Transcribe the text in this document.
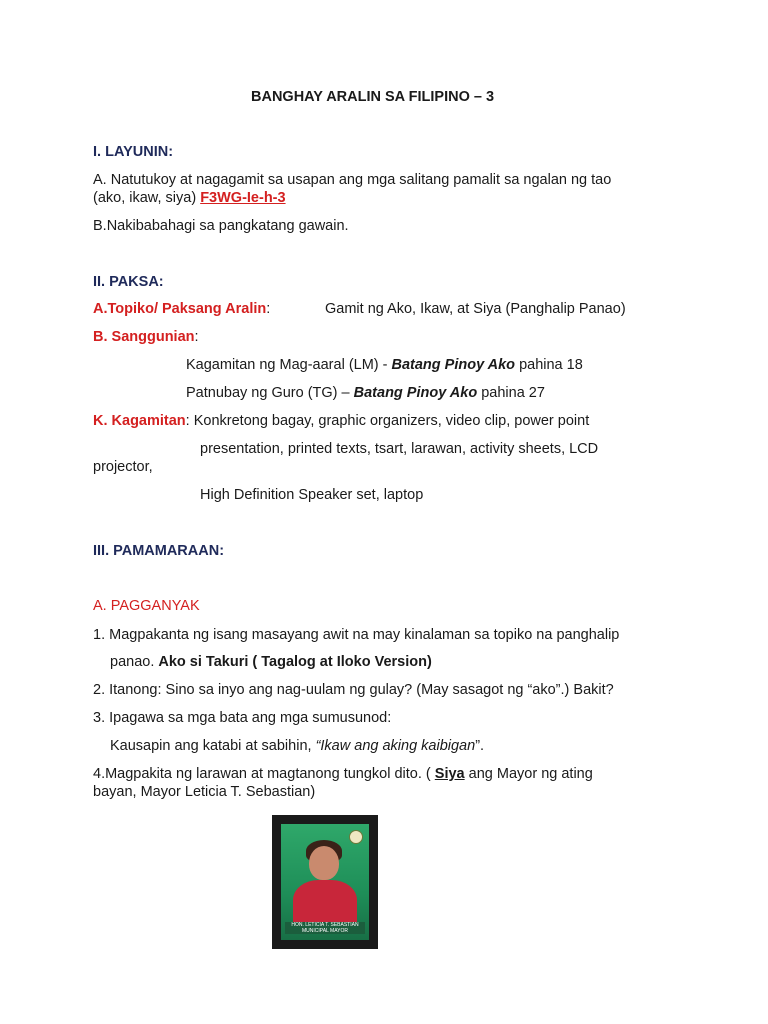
BANGHAY ARALIN SA FILIPINO – 3
I. LAYUNIN:
A. Natutukoy at nagagamit sa usapan ang mga salitang pamalit sa ngalan ng tao
(ako, ikaw, siya) F3WG-Ie-h-3
B.Nakibabahagi sa pangkatang gawain.
II. PAKSA:
A.Topiko/ Paksang Aralin:	Gamit ng Ako, Ikaw, at Siya (Panghalip Panao)
B. Sanggunian:
Kagamitan ng Mag-aaral (LM) - Batang Pinoy Ako pahina 18
Patnubay ng Guro (TG) – Batang Pinoy Ako pahina 27
K. Kagamitan: Konkretong bagay, graphic organizers, video clip, power point
presentation, printed texts, tsart, larawan, activity sheets, LCD
projector,
High Definition Speaker set, laptop
III. PAMAMARAAN:
A. PAGGANYAK
1. Magpakanta ng isang masayang awit na may kinalaman sa topiko na panghalip
panao. Ako si Takuri ( Tagalog at Iloko Version)
2. Itanong: Sino sa inyo ang nag-uulam ng gulay? (May sasagot ng “ako”.) Bakit?
3. Ipagawa sa mga bata ang mga sumusunod:
Kausapin ang katabi at sabihin, “Ikaw ang aking kaibigan”.
4.Magpakita ng larawan at magtanong tungkol dito. ( Siya ang Mayor ng ating
bayan, Mayor Leticia T. Sebastian)
HON. LETICIA T. SEBASTIAN
MUNICIPAL MAYOR
